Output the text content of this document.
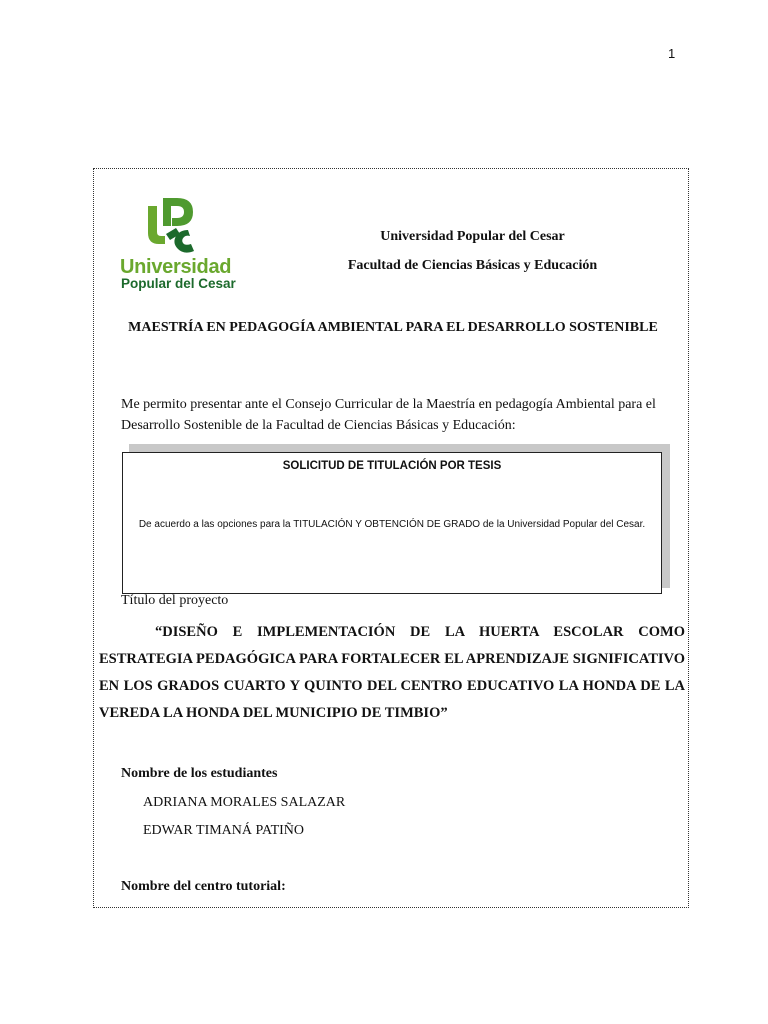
1
Universidad
Popular del Cesar
Universidad Popular del Cesar
Facultad de Ciencias Básicas y Educación
MAESTRÍA EN PEDAGOGÍA AMBIENTAL PARA EL DESARROLLO SOSTENIBLE
Me permito presentar ante el Consejo Curricular de la Maestría en pedagogía Ambiental para el Desarrollo Sostenible de la Facultad de Ciencias Básicas y Educación:
SOLICITUD DE TITULACIÓN POR TESIS
De acuerdo a las opciones para la TITULACIÓN Y OBTENCIÓN DE GRADO de la Universidad Popular del Cesar.
Título del proyecto
“DISEÑO E IMPLEMENTACIÓN DE LA HUERTA ESCOLAR COMO ESTRATEGIA PEDAGÓGICA PARA FORTALECER EL APRENDIZAJE SIGNIFICATIVO EN LOS GRADOS CUARTO Y QUINTO DEL CENTRO EDUCATIVO LA HONDA DE LA VEREDA LA HONDA DEL MUNICIPIO DE TIMBIO”
Nombre de los estudiantes
ADRIANA MORALES SALAZAR
EDWAR TIMANÁ PATIÑO
Nombre del centro tutorial:
